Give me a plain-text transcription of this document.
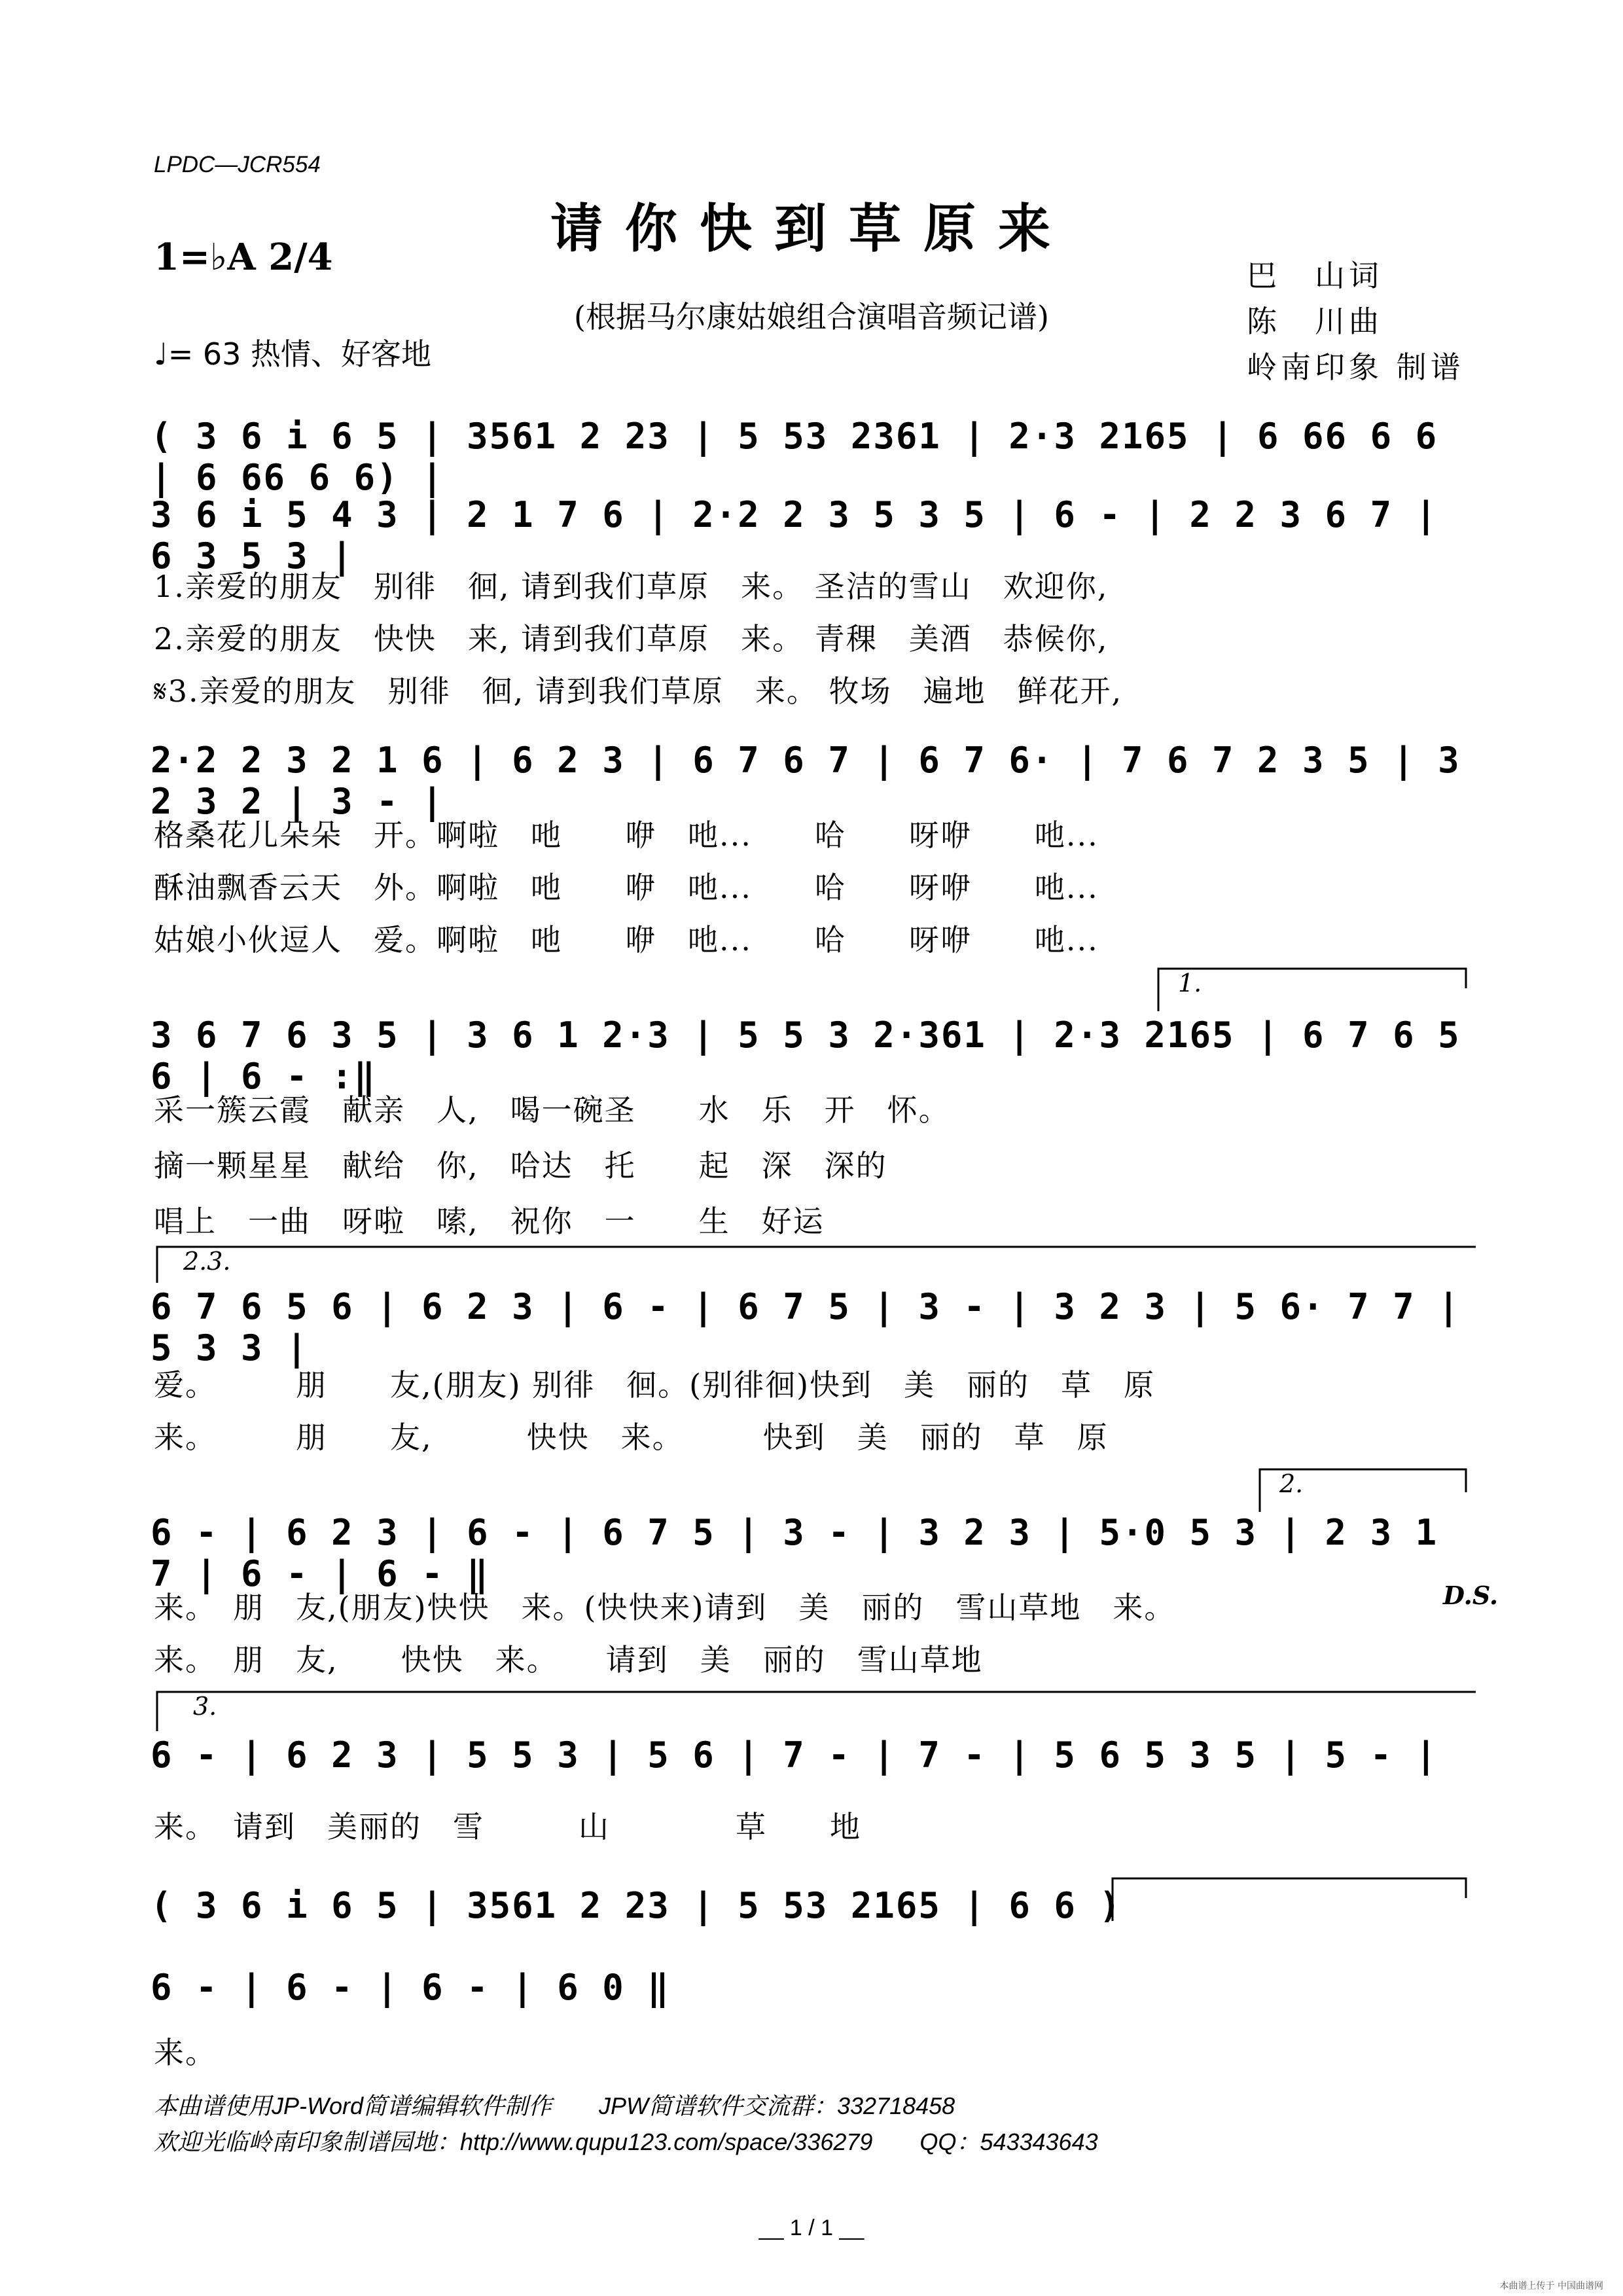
LPDC—JCR554
请你快到草原来
1=♭A 2/4
(根据马尔康姑娘组合演唱音频记谱)
♩= 63 热情、好客地
巴　山词
陈　川曲
岭南印象 制谱
( 3 6 i 6 5 | 3561 2 23 | 5 53 2361 | 2·3 2165 | 6 66 6 6 | 6 66 6 6) |
3 6 i 5 4 3 | 2 1 7 6 | 2·2 2 3 5 3 5 | 6 - | 2 2 3 6 7 | 6 3 5 3 |
1.亲爱的朋友　别徘　徊, 请到我们草原　来。 圣洁的雪山　欢迎你,
2.亲爱的朋友　快快　来, 请到我们草原　来。 青稞　美酒　恭候你,
𝄋3.亲爱的朋友　别徘　徊, 请到我们草原　来。 牧场　遍地　鲜花开,
2·2 2 3 2 1 6 | 6 2 3 | 6 7 6 7 | 6 7 6· | 7 6 7 2 3 5 | 3 2 3 2 | 3 - |
格桑花儿朵朵　开。啊啦　吔　　咿　吔...　　哈　　呀咿　　吔...
酥油飘香云天　外。啊啦　吔　　咿　吔...　　哈　　呀咿　　吔...
姑娘小伙逗人　爱。啊啦　吔　　咿　吔...　　哈　　呀咿　　吔...
1.
3 6 7 6 3 5 | 3 6 1 2·3 | 5 5 3 2·361 | 2·3 2165 | 6 7 6 5 6 | 6 - :‖
采一簇云霞　献亲　人,　喝一碗圣　　水　乐　开　怀。
摘一颗星星　献给　你,　哈达　托　　起　深　深的
唱上　一曲　呀啦　嗦,　祝你　一　　生　好运
2.3.
6 7 6 5 6 | 6 2 3 | 6 - | 6 7 5 | 3 - | 3 2 3 | 5 6· 7 7 | 5 3 3 |
爱。　　　朋　　友,(朋友) 别徘　徊。(别徘徊)快到　美　丽的　草　原
来。　　　朋　　友,　　　快快　来。　　　快到　美　丽的　草　原
2.
6 - | 6 2 3 | 6 - | 6 7 5 | 3 - | 3 2 3 | 5·0 5 3 | 2 3 1 7 | 6 - | 6 - ‖
D.S.
来。　朋　友,(朋友)快快　来。(快快来)请到　美　丽的　雪山草地　来。
来。　朋　友,　　快快　来。　　请到　美　丽的　雪山草地
3.
6 - | 6 2 3 | 5 5 3 | 5 6 | 7 - | 7 - | 5 6 5 3 5 | 5 - |
来。　请到　美丽的　雪　　　山　　　　草　　地
( 3 6 i 6 5 | 3561 2 23 | 5 53 2165 | 6 6 )
6 - | 6 - | 6 - | 6 0 ‖
来。
本曲谱使用JP-Word简谱编辑软件制作　　JPW简谱软件交流群：332718458
欢迎光临岭南印象制谱园地：http://www.qupu123.com/space/336279　　QQ：543343643
__ 1 / 1 __
本曲谱上传于 中国曲谱网
